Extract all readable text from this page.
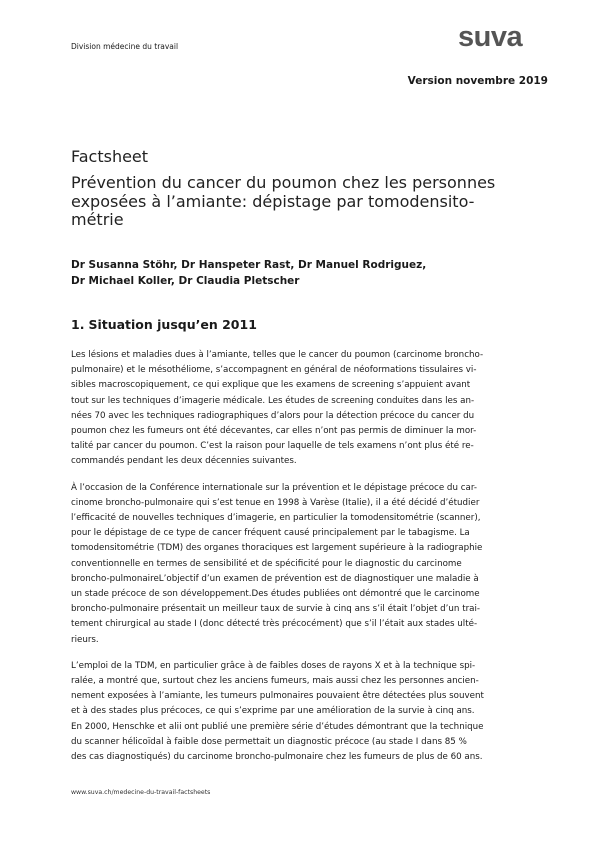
Division médecine du travail	suva
Version novembre 2019
Factsheet
Prévention du cancer du poumon chez les personnes
exposées à l’amiante: dépistage par tomodensito-
métrie
Dr Susanna Stöhr, Dr Hanspeter Rast, Dr Manuel Rodriguez,
Dr Michael Koller, Dr Claudia Pletscher
1. Situation jusqu’en 2011

Les lésions et maladies dues à l’amiante, telles que le cancer du poumon (carcinome broncho-
pulmonaire) et le mésothéliome, s’accompagnent en général de néoformations tissulaires vi-
sibles macroscopiquement, ce qui explique que les examens de screening s’appuient avant
tout sur les techniques d’imagerie médicale. Les études de screening conduites dans les an-
nées 70 avec les techniques radiographiques d’alors pour la détection précoce du cancer du
poumon chez les fumeurs ont été décevantes, car elles n’ont pas permis de diminuer la mor-
talité par cancer du poumon. C’est la raison pour laquelle de tels examens n’ont plus été re-
commandés pendant les deux décennies suivantes.

À l’occasion de la Conférence internationale sur la prévention et le dépistage précoce du car-
cinome broncho-pulmonaire qui s’est tenue en 1998 à Varèse (Italie), il a été décidé d’étudier
l’efficacité de nouvelles techniques d’imagerie, en particulier la tomodensitométrie (scanner),
pour le dépistage de ce type de cancer fréquent causé principalement par le tabagisme. La
tomodensitométrie (TDM) des organes thoraciques est largement supérieure à la radiographie
conventionnelle en termes de sensibilité et de spécificité pour le diagnostic du carcinome
broncho-pulmonaireL’objectif d’un examen de prévention est de diagnostiquer une maladie à
un stade précoce de son développement.Des études publiées ont démontré que le carcinome
broncho-pulmonaire présentait un meilleur taux de survie à cinq ans s’il était l’objet d’un trai-
tement chirurgical au stade I (donc détecté très précocément) que s’il l’était aux stades ulté-
rieurs.

L’emploi de la TDM, en particulier grâce à de faibles doses de rayons X et à la technique spi-
ralée, a montré que, surtout chez les anciens fumeurs, mais aussi chez les personnes ancien-
nement exposées à l’amiante, les tumeurs pulmonaires pouvaient être détectées plus souvent
et à des stades plus précoces, ce qui s’exprime par une amélioration de la survie à cinq ans.
En 2000, Henschke et alii ont publié une première série d’études démontrant que la technique
du scanner hélicoïdal à faible dose permettait un diagnostic précoce (au stade I dans 85 %
des cas diagnostiqués) du carcinome broncho-pulmonaire chez les fumeurs de plus de 60 ans.

www.suva.ch/medecine-du-travail-factsheets
